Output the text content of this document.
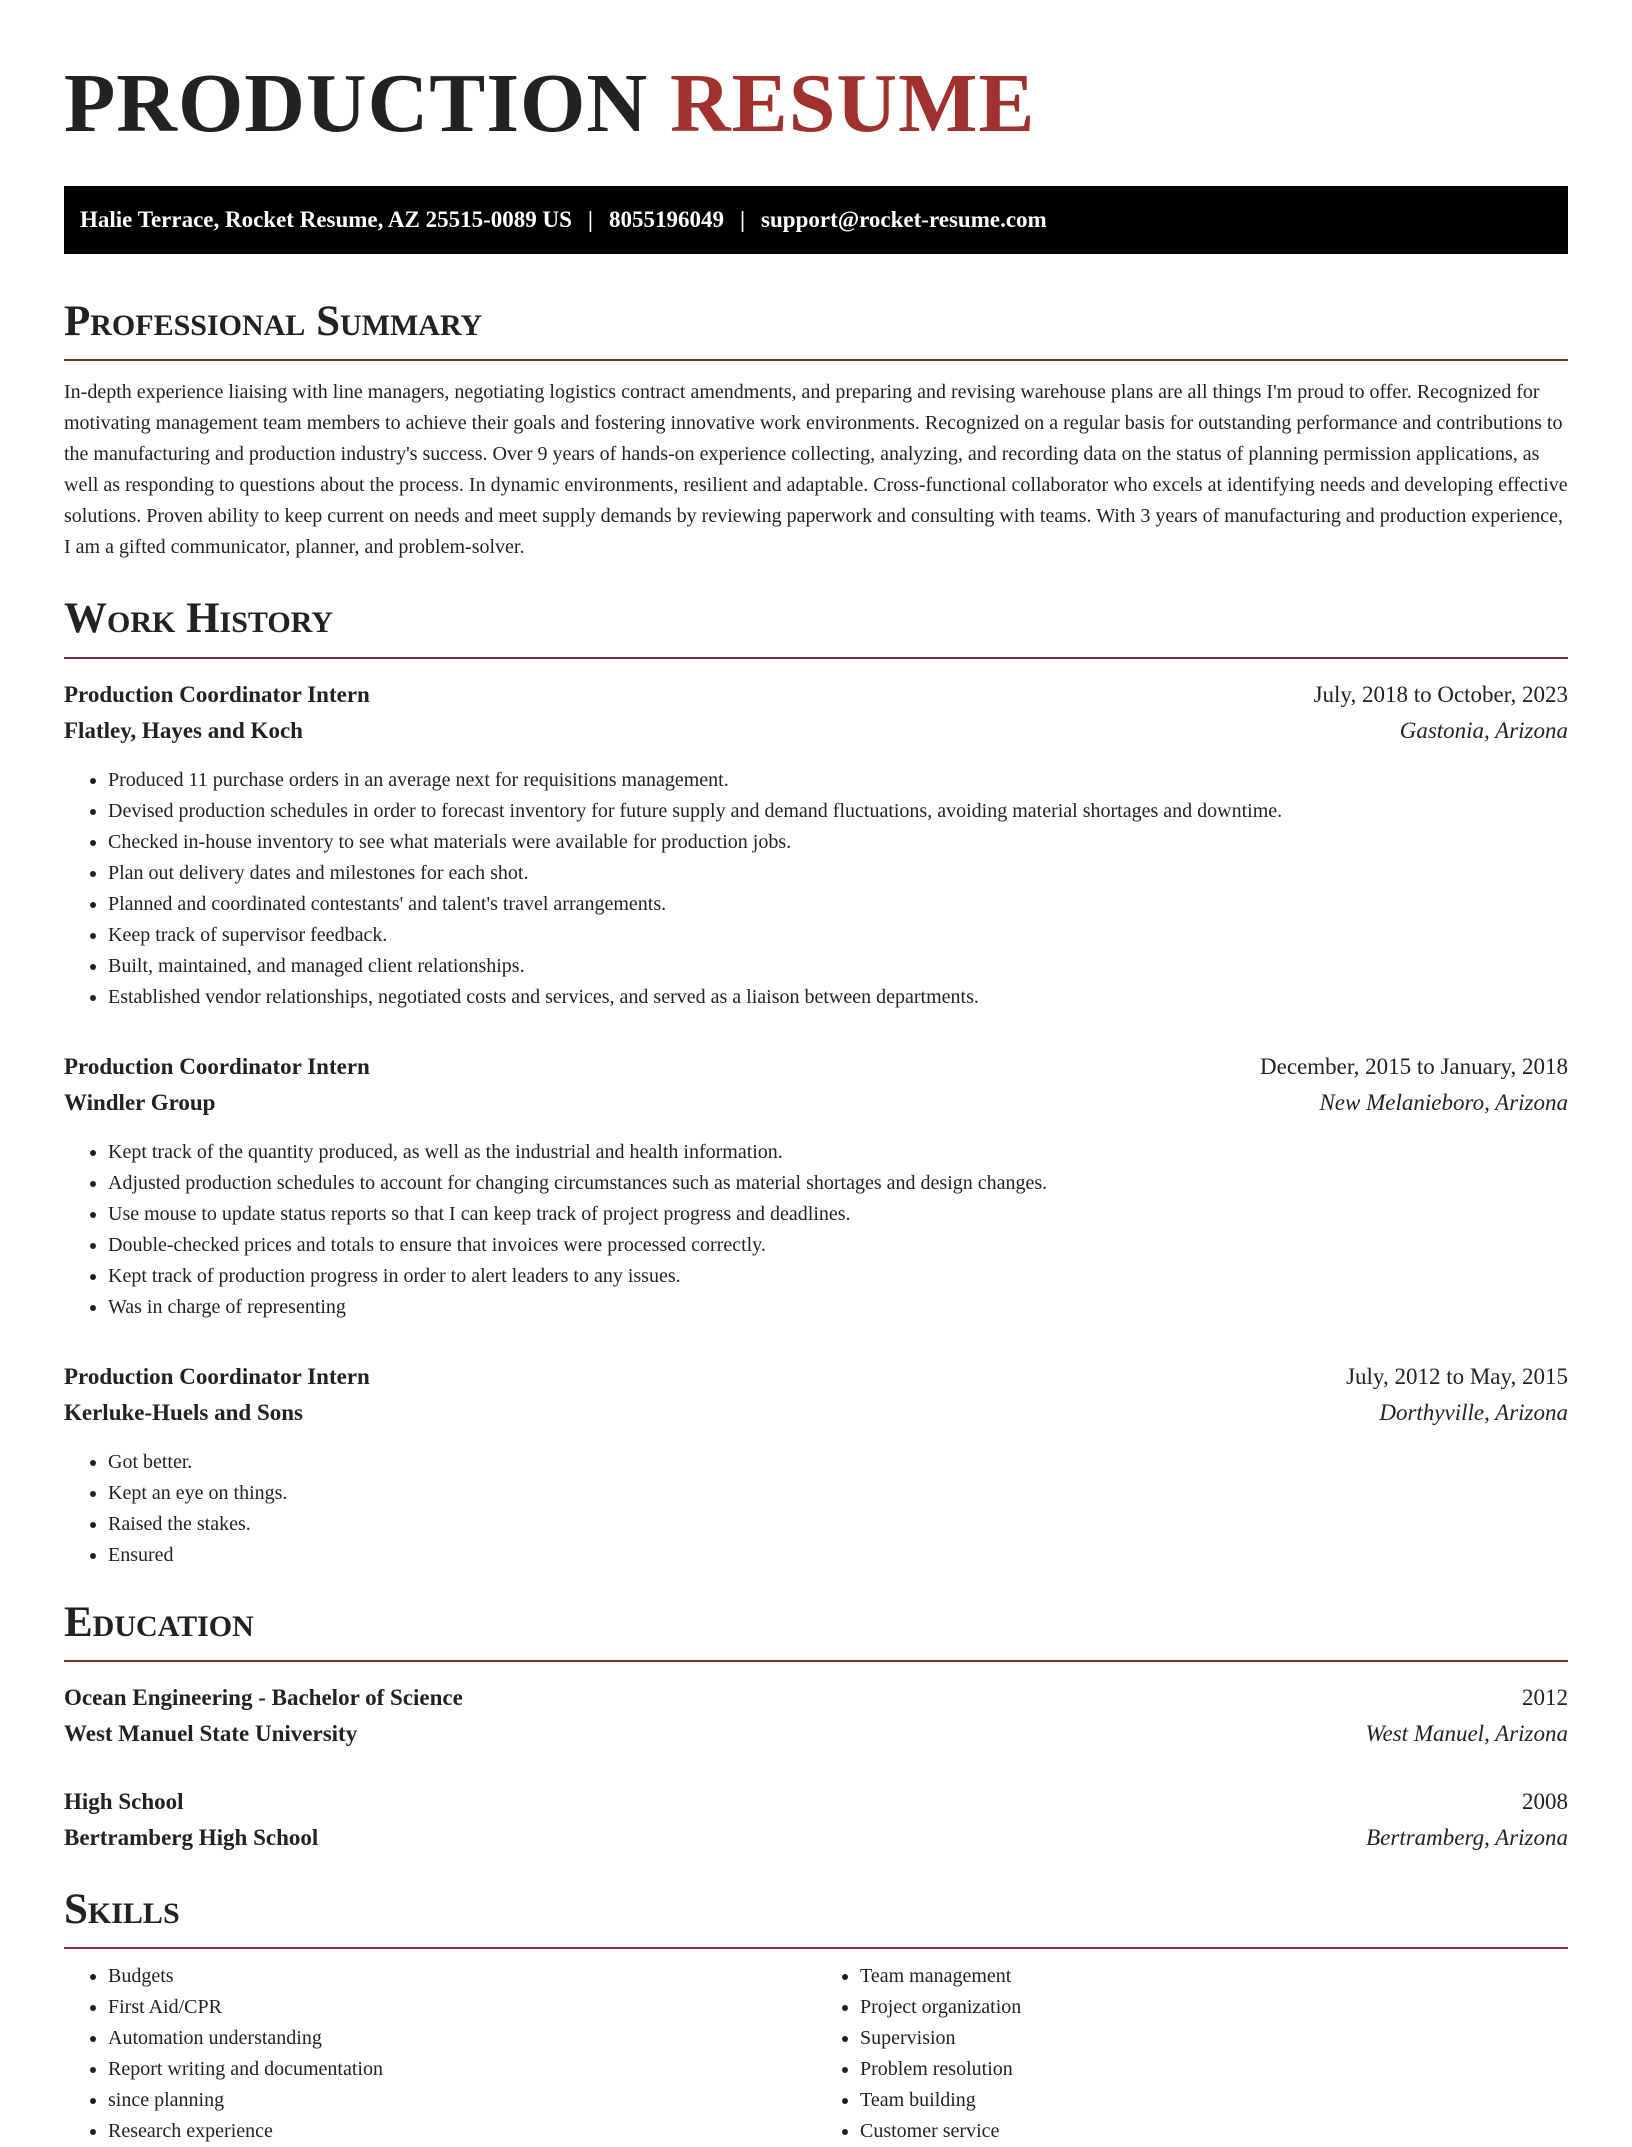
PRODUCTION RESUME
Halie Terrace, Rocket Resume, AZ 25515-0089 US | 8055196049 | support@rocket-resume.com
Professional Summary
In-depth experience liaising with line managers, negotiating logistics contract amendments, and preparing and revising warehouse plans are all things I'm proud to offer. Recognized for motivating management team members to achieve their goals and fostering innovative work environments. Recognized on a regular basis for outstanding performance and contributions to the manufacturing and production industry's success. Over 9 years of hands-on experience collecting, analyzing, and recording data on the status of planning permission applications, as well as responding to questions about the process. In dynamic environments, resilient and adaptable. Cross-functional collaborator who excels at identifying needs and developing effective solutions. Proven ability to keep current on needs and meet supply demands by reviewing paperwork and consulting with teams. With 3 years of manufacturing and production experience, I am a gifted communicator, planner, and problem-solver.
Work History
Production Coordinator Intern	July, 2018 to October, 2023
Flatley, Hayes and Koch	Gastonia, Arizona
• Produced 11 purchase orders in an average next for requisitions management.
• Devised production schedules in order to forecast inventory for future supply and demand fluctuations, avoiding material shortages and downtime.
• Checked in-house inventory to see what materials were available for production jobs.
• Plan out delivery dates and milestones for each shot.
• Planned and coordinated contestants' and talent's travel arrangements.
• Keep track of supervisor feedback.
• Built, maintained, and managed client relationships.
• Established vendor relationships, negotiated costs and services, and served as a liaison between departments.
Production Coordinator Intern	December, 2015 to January, 2018
Windler Group	New Melanieboro, Arizona
• Kept track of the quantity produced, as well as the industrial and health information.
• Adjusted production schedules to account for changing circumstances such as material shortages and design changes.
• Use mouse to update status reports so that I can keep track of project progress and deadlines.
• Double-checked prices and totals to ensure that invoices were processed correctly.
• Kept track of production progress in order to alert leaders to any issues.
• Was in charge of representing
Production Coordinator Intern	July, 2012 to May, 2015
Kerluke-Huels and Sons	Dorthyville, Arizona
• Got better.
• Kept an eye on things.
• Raised the stakes.
• Ensured
Education
Ocean Engineering - Bachelor of Science	2012
West Manuel State University	West Manuel, Arizona
High School	2008
Bertramberg High School	Bertramberg, Arizona
Skills
• Budgets
• First Aid/CPR
• Automation understanding
• Report writing and documentation
• since planning
• Research experience
• Team management
• Project organization
• Supervision
• Problem resolution
• Team building
• Customer service
